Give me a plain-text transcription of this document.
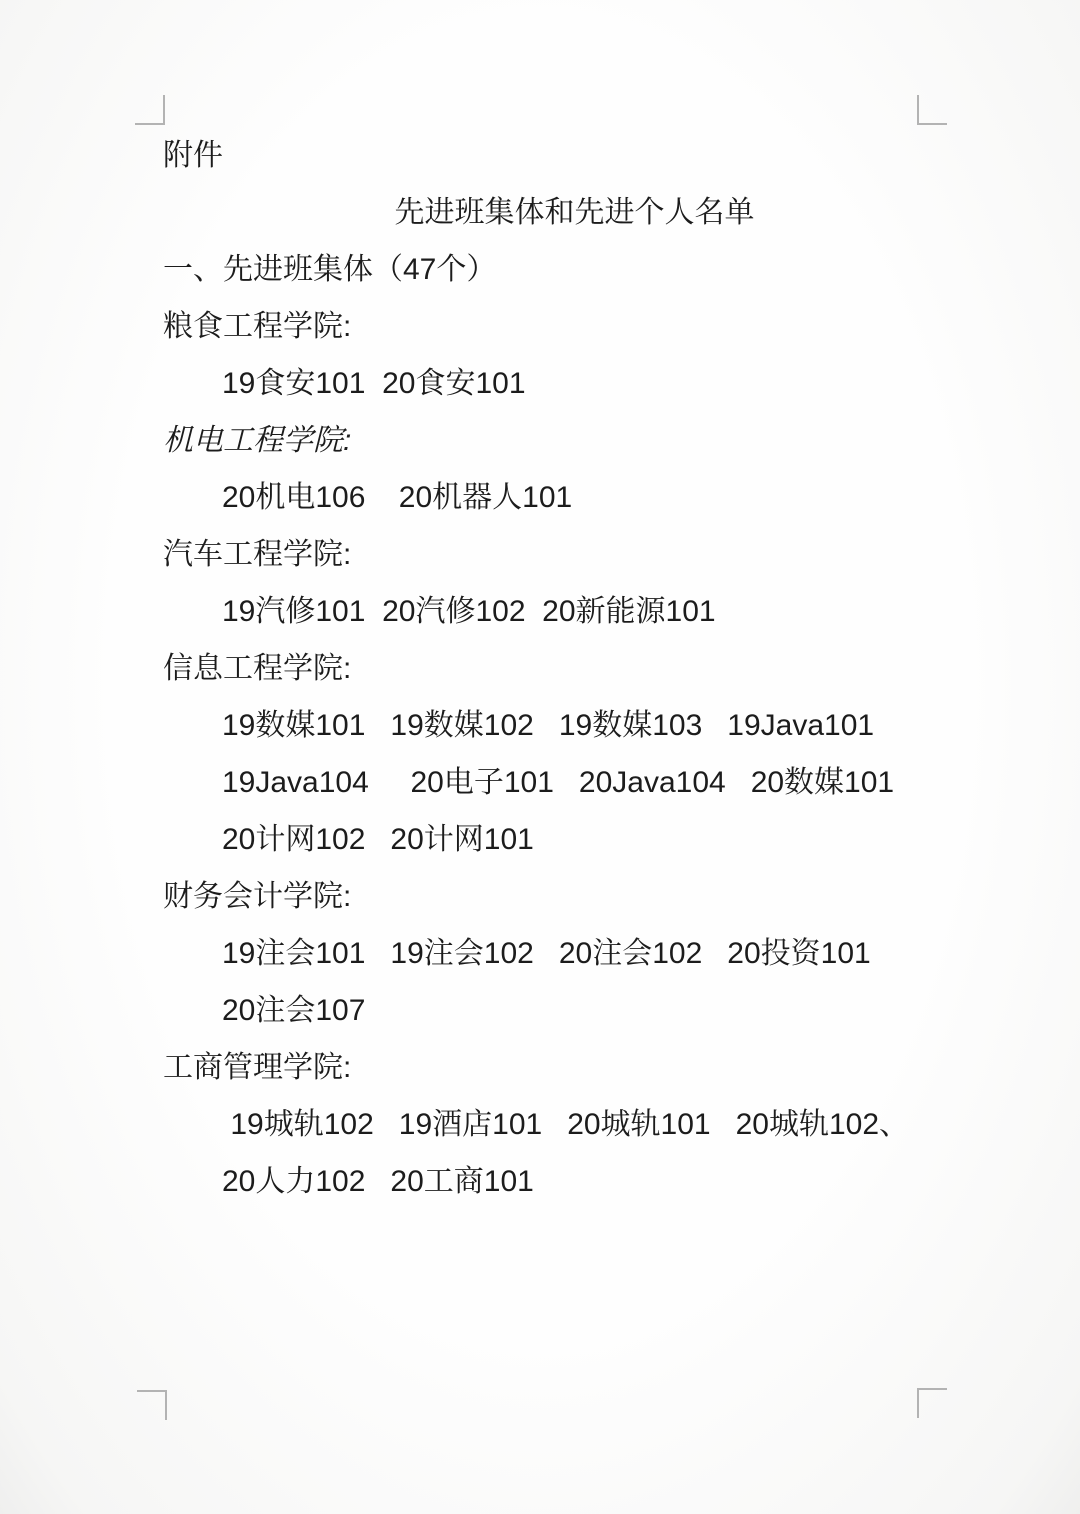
附件

先进班集体和先进个人名单
一、先进班集体（47个）

粮食工程学院:

19食安101  20食安101

机电工程学院:

20机电106    20机器人101

汽车工程学院:

19汽修101  20汽修102  20新能源101

信息工程学院:

19数媒101   19数媒102   19数媒103   19Java101

19Java104     20电子101   20Java104   20数媒101

20计网102   20计网101

财务会计学院:

19注会101   19注会102   20注会102   20投资101

20注会107

工商管理学院:

19城轨102   19酒店101   20城轨101   20城轨102、

20人力102   20工商101
